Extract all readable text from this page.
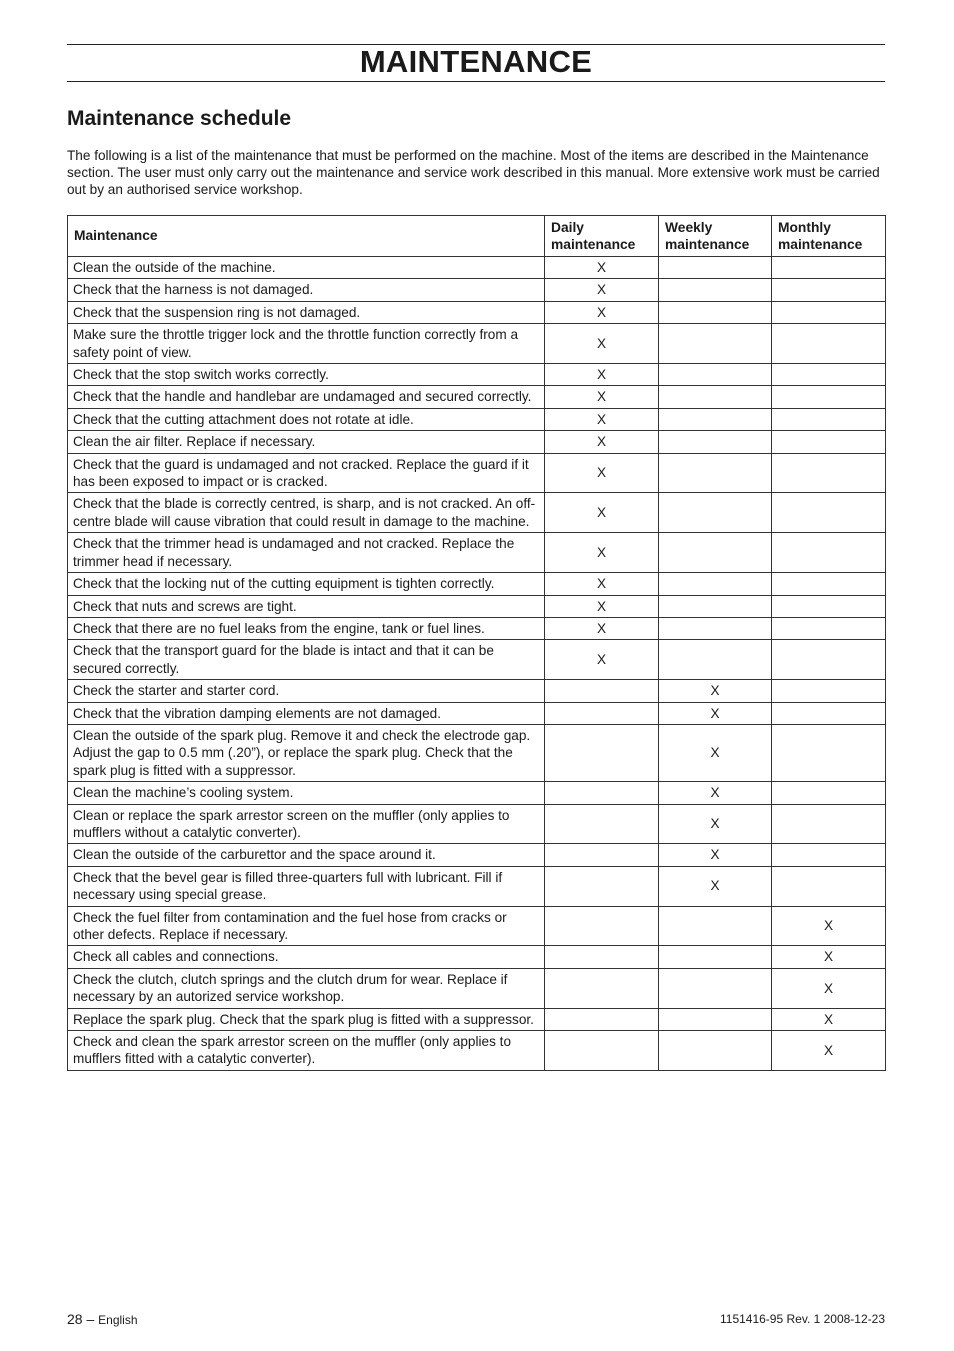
MAINTENANCE
Maintenance schedule
The following is a list of the maintenance that must be performed on the machine. Most of the items are described in the Maintenance section. The user must only carry out the maintenance and service work described in this manual. More extensive work must be carried out by an authorised service workshop.
Maintenance	Daily maintenance	Weekly maintenance	Monthly maintenance
Clean the outside of the machine.	X		
Check that the harness is not damaged.	X		
Check that the suspension ring is not damaged.	X		
Make sure the throttle trigger lock and the throttle function correctly from a safety point of view.	X		
Check that the stop switch works correctly.	X		
Check that the handle and handlebar are undamaged and secured correctly.	X		
Check that the cutting attachment does not rotate at idle.	X		
Clean the air filter. Replace if necessary.	X		
Check that the guard is undamaged and not cracked. Replace the guard if it has been exposed to impact or is cracked.	X		
Check that the blade is correctly centred, is sharp, and is not cracked. An off-centre blade will cause vibration that could result in damage to the machine.	X		
Check that the trimmer head is undamaged and not cracked. Replace the trimmer head if necessary.	X		
Check that the locking nut of the cutting equipment is tighten correctly.	X		
Check that nuts and screws are tight.	X		
Check that there are no fuel leaks from the engine, tank or fuel lines.	X		
Check that the transport guard for the blade is intact and that it can be secured correctly.	X		
Check the starter and starter cord.		X	
Check that the vibration damping elements are not damaged.		X	
Clean the outside of the spark plug. Remove it and check the electrode gap. Adjust the gap to 0.5 mm (.20”), or replace the spark plug. Check that the spark plug is fitted with a suppressor.		X	
Clean the machine’s cooling system.		X	
Clean or replace the spark arrestor screen on the muffler (only applies to mufflers without a catalytic converter).		X	
Clean the outside of the carburettor and the space around it.		X	
Check that the bevel gear is filled three-quarters full with lubricant. Fill if necessary using special grease.		X	
Check the fuel filter from contamination and the fuel hose from cracks or other defects. Replace if necessary.			X
Check all cables and connections.			X
Check the clutch, clutch springs and the clutch drum for wear. Replace if necessary by an autorized service workshop.			X
Replace the spark plug. Check that the spark plug is fitted with a suppressor.			X
Check and clean the spark arrestor screen on the muffler (only applies to mufflers fitted with a catalytic converter).			X
28 – English	1151416-95 Rev. 1 2008-12-23
